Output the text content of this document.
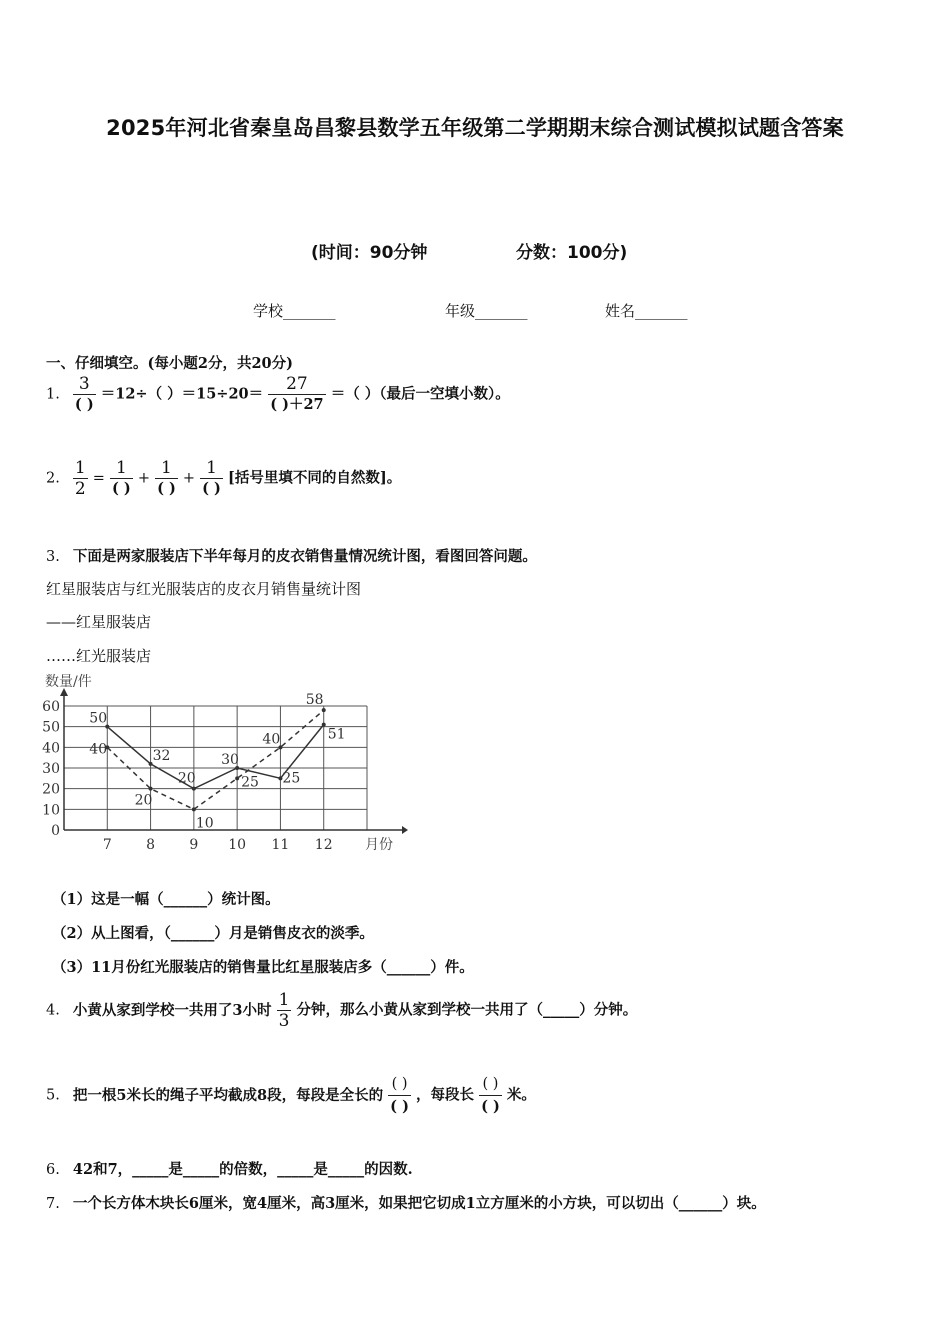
2025年河北省秦皇岛昌黎县数学五年级第二学期期末综合测试模拟试题含答案
(时间：90分钟	分数：100分)
学校_______	年级_______	姓名_______
一、仔细填空。(每小题2分，共20分)
1. $\frac{3}{( )} =12\div$（ ）$=15\div 20= \frac{27}{( )+27}$ ＝（ ）（最后一空填小数）。
2. $\frac{1}{2} = \frac{1}{( )} + \frac{1}{( )} + \frac{1}{( )}$ [括号里填不同的自然数]。
3. 下面是两家服装店下半年每月的皮衣销售量情况统计图，看图回答问题。
红星服装店与红光服装店的皮衣月销售量统计图
——红星服装店
……红光服装店
0
10
20
30
40
50
60
7 8 9 10 11 12
50
32
20
30
25
51
40
20
10
25
40
58
数量/件
月份
（1）这是一幅（______）统计图。
（2）从上图看，（______）月是销售皮衣的淡季。
（3）11月份红光服装店的销售量比红星服装店多（______）件。
4. 小黄从家到学校一共用了3小时 $\frac{1}{3}$ 分钟，那么小黄从家到学校一共用了（_____）分钟。
5. 把一根5米长的绳子平均截成8段，每段是全长的 $\frac{( )}{( )}$ ，每段长 $\frac{( )}{( )}$ 米。
6. 42和7，_____是_____的倍数，_____是_____的因数.
7. 一个长方体木块长6厘米，宽4厘米，高3厘米，如果把它切成1立方厘米的小方块，可以切出（______）块。
